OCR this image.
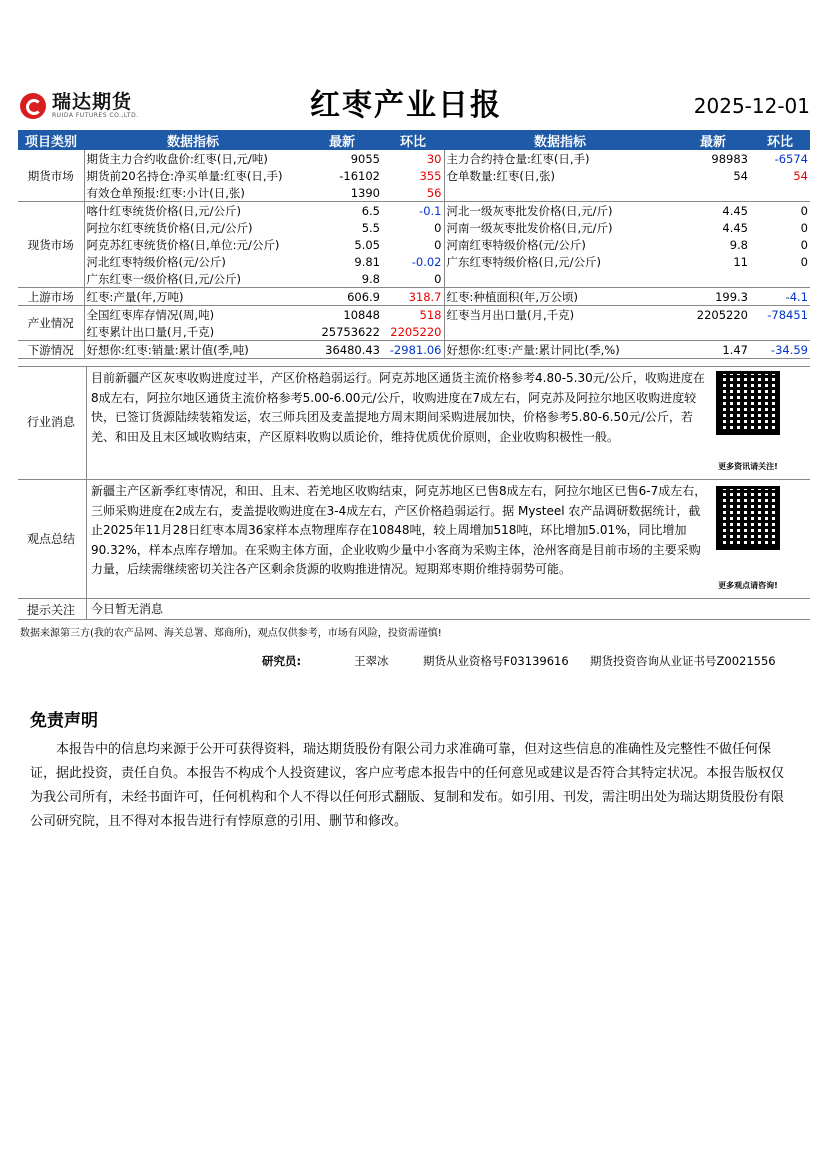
瑞达期货
RUIDA FUTURES CO.,LTD.	红枣产业日报	2025-12-01
项目类别	数据指标	最新	环比	数据指标	最新	环比
期货市场	期货主力合约收盘价:红枣(日,元/吨)	9055	30	主力合约持仓量:红枣(日,手)	98983	-6574
	期货前20名持仓:净买单量:红枣(日,手)	-16102	355	仓单数量:红枣(日,张)	54	54
	有效仓单预报:红枣:小计(日,张)	1390	56			
现货市场	喀什红枣统货价格(日,元/公斤)	6.5	-0.1	河北一级灰枣批发价格(日,元/斤)	4.45	0
	阿拉尔红枣统货价格(日,元/公斤)	5.5	0	河南一级灰枣批发价格(日,元/斤)	4.45	0
	阿克苏红枣统货价格(日,单位:元/公斤)	5.05	0	河南红枣特级价格(元/公斤)	9.8	0
	河北红枣特级价格(元/公斤)	9.81	-0.02	广东红枣特级价格(日,元/公斤)	11	0
	广东红枣一级价格(日,元/公斤)	9.8	0			
上游市场	红枣:产量(年,万吨)	606.9	318.7	红枣:种植面积(年,万公顷)	199.3	-4.1
产业情况	全国红枣库存情况(周,吨)	10848	518	红枣当月出口量(月,千克)	2205220	-78451
	红枣累计出口量(月,千克)	25753622	2205220			
下游情况	好想你:红枣:销量:累计值(季,吨)	36480.43	-2981.06	好想你:红枣:产量:累计同比(季,%)	1.47	-34.59
行业消息
目前新疆产区灰枣收购进度过半，产区价格趋弱运行。阿克苏地区通货主流价格参考4.80-5.30元/公斤，收购进度在8成左右，阿拉尔地区通货主流价格参考5.00-6.00元/公斤，收购进度在7成左右，阿克苏及阿拉尔地区收购进度较快，已签订货源陆续装箱发运，农三师兵团及麦盖提地方周末期间采购进展加快，价格参考5.80-6.50元/公斤，若羌、和田及且末区域收购结束，产区原料收购以质论价，维持优质优价原则，企业收购积极性一般。
更多资讯请关注!
观点总结
新疆主产区新季红枣情况，和田、且末、若羌地区收购结束，阿克苏地区已售8成左右，阿拉尔地区已售6-7成左右，三师采购进度在2成左右，麦盖提收购进度在3-4成左右，产区价格趋弱运行。据 Mysteel 农产品调研数据统计，截止2025年11月28日红枣本周36家样本点物理库存在10848吨，较上周增加518吨，环比增加5.01%，同比增加90.32%，样本点库存增加。在采购主体方面，企业收购少量中小客商为采购主体，沧州客商是目前市场的主要采购力量，后续需继续密切关注各产区剩余货源的收购推进情况。短期郑枣期价维持弱势可能。
更多观点请咨询!
提示关注	今日暂无消息
数据来源第三方(我的农产品网、海关总署、郑商所)，观点仅供参考，市场有风险，投资需谨慎!
研究员:	王翠冰	期货从业资格号F03139616 期货投资咨询从业证书号Z0021556
免责声明
本报告中的信息均来源于公开可获得资料，瑞达期货股份有限公司力求准确可靠，但对这些信息的准确性及完整性不做任何保证，据此投资，责任自负。本报告不构成个人投资建议，客户应考虑本报告中的任何意见或建议是否符合其特定状况。本报告版权仅为我公司所有，未经书面许可，任何机构和个人不得以任何形式翻版、复制和发布。如引用、刊发，需注明出处为瑞达期货股份有限公司研究院，且不得对本报告进行有悖原意的引用、删节和修改。
